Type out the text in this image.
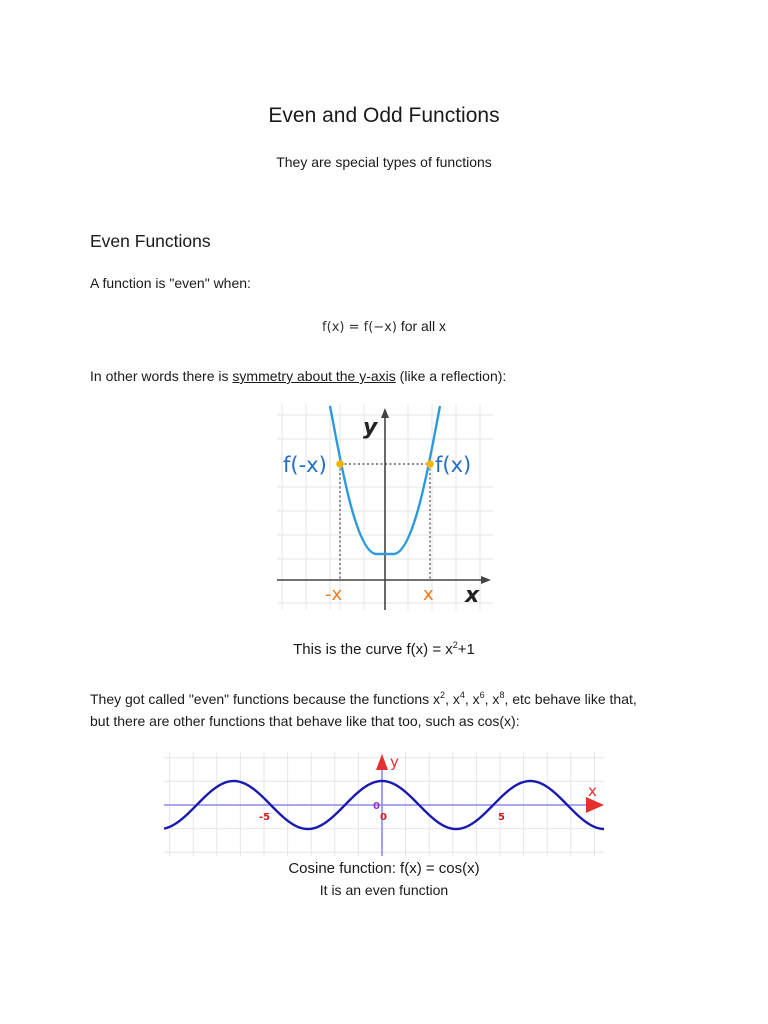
Even and Odd Functions
They are special types of functions
Even Functions
A function is "even" when:
f(x) = f(−x) for all x
In other words there is symmetry about the y-axis (like a reflection):
f(-x)	f(x)
y
x
-x	x
This is the curve $f(x) = x^2+1$
They got called "even" functions because the functions $x^2$, $x^4$, $x^6$, $x^8$, etc behave like that,
but there are other functions that behave like that too, such as cos(x):
y
x
0
-5	0	5
Cosine function: f(x) = cos(x)
It is an even function
